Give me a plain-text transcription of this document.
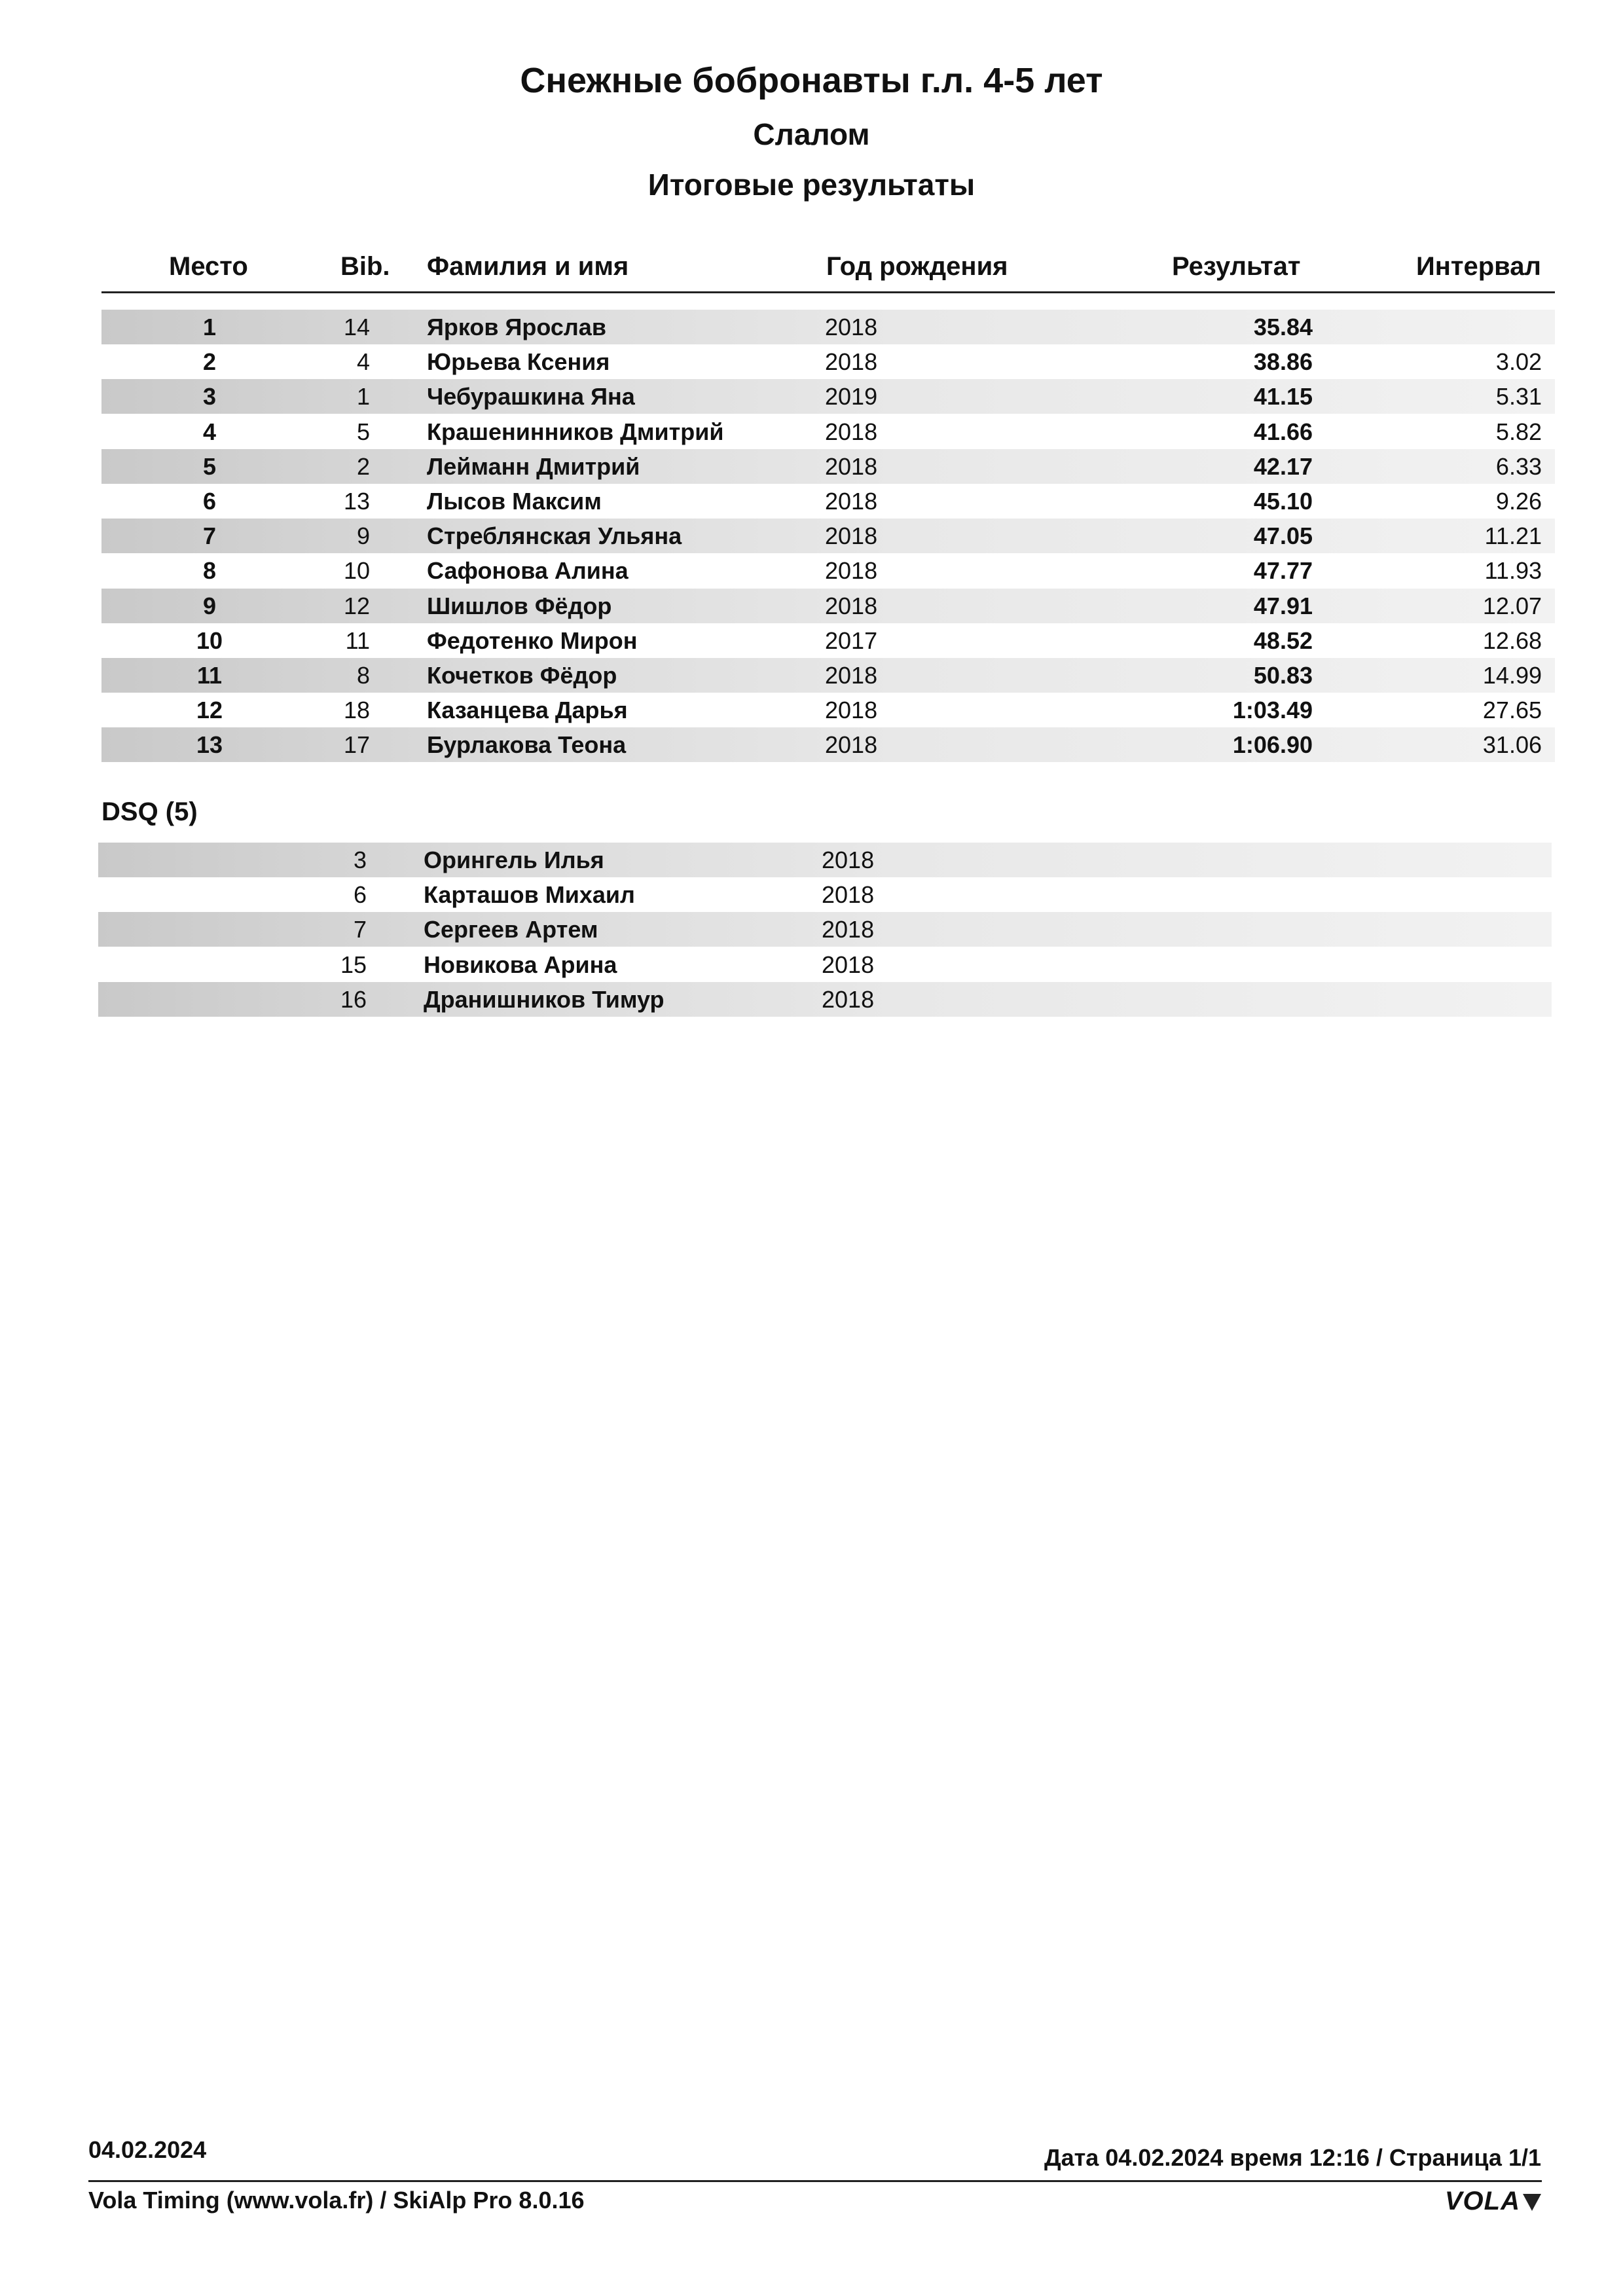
Снежные бобронавты г.л. 4-5 лет
Слалом
Итоговые результаты
Место	Bib. Фамилия и имя	Год рождения	Результат	Интервал
1	14 Ярков Ярослав	2018	35.84
2	4 Юрьева Ксения	2018	38.86	3.02
3	1 Чебурашкина Яна	2019	41.15	5.31
4	5 Крашенинников Дмитрий	2018	41.66	5.82
5	2 Лейманн Дмитрий	2018	42.17	6.33
6	13 Лысов Максим	2018	45.10	9.26
7	9 Стреблянская Ульяна	2018	47.05	11.21
8	10 Сафонова Алина	2018	47.77	11.93
9	12 Шишлов Фёдор	2018	47.91	12.07
10	11 Федотенко Мирон	2017	48.52	12.68
11	8 Кочетков Фёдор	2018	50.83	14.99
12	18 Казанцева Дарья	2018	1:03.49	27.65
13	17 Бурлакова Теона	2018	1:06.90	31.06
DSQ (5)
3 Орингель Илья	2018
6 Карташов Михаил	2018
7 Сергеев Артем	2018
15 Новикова Арина	2018
16 Дранишников Тимур	2018
04.02.2024	Дата 04.02.2024 время 12:16 / Страница 1/1
Vola Timing (www.vola.fr) / SkiAlp Pro 8.0.16	VOLA
